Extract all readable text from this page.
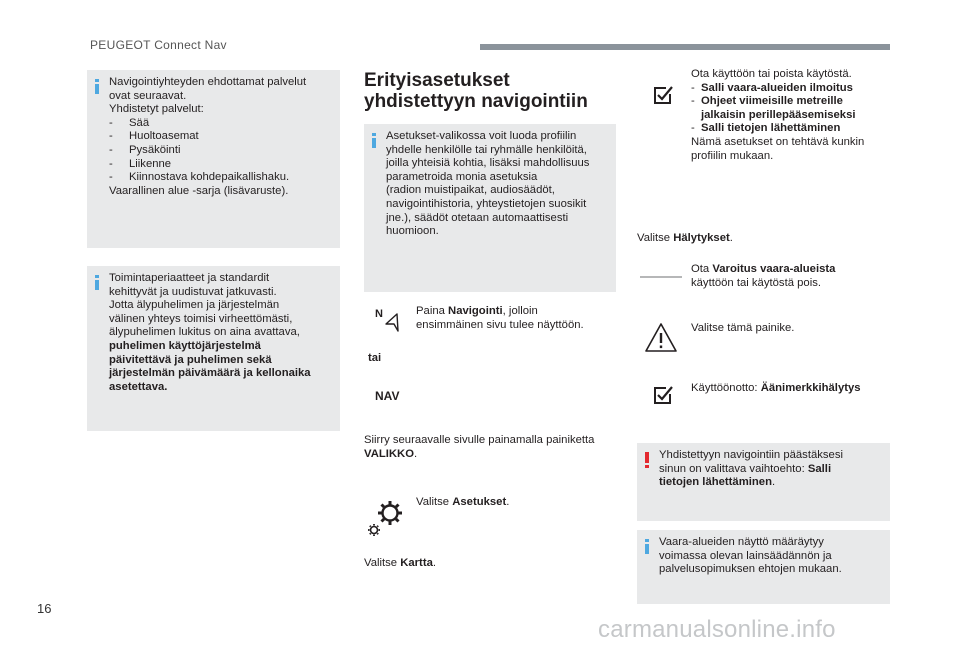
PEUGEOT Connect Nav
Navigointiyhteyden ehdottamat palvelut
ovat seuraavat.
Yhdistetyt palvelut:
-	Sää
-	Huoltoasemat
-	Pysäköinti
-	Liikenne
-	Kiinnostava kohdepaikallishaku.
Vaarallinen alue -sarja (lisävaruste).
Toimintaperiaatteet ja standardit
kehittyvät ja uudistuvat jatkuvasti.
Jotta älypuhelimen ja järjestelmän
välinen yhteys toimisi virheettömästi,
älypuhelimen lukitus on aina avattava,
puhelimen käyttöjärjestelmä
päivitettävä ja puhelimen sekä
järjestelmän päivämäärä ja kellonaika
asetettava.
Erityisasetukset
yhdistettyyn navigointiin
Asetukset-valikossa voit luoda profiilin
yhdelle henkilölle tai ryhmälle henkilöitä,
joilla yhteisiä kohtia, lisäksi mahdollisuus
parametroida monia asetuksia
(radion muistipaikat, audiosäädöt,
navigointihistoria, yhteystietojen suosikit
jne.), säädöt otetaan automaattisesti
huomioon.
N	Paina Navigointi, jolloin
ensimmäinen sivu tulee näyttöön.
tai
NAV
Siirry seuraavalle sivulle painamalla painiketta
VALIKKO.
Valitse Asetukset.
Valitse Kartta.
Ota käyttöön tai poista käytöstä.
- Salli vaara-alueiden ilmoitus
- Ohjeet viimeisille metreille
jalkaisin perillepääsemiseksi
- Salli tietojen lähettäminen
Nämä asetukset on tehtävä kunkin
profiilin mukaan.
Valitse Hälytykset.
Ota Varoitus vaara-alueista
käyttöön tai käytöstä pois.
Valitse tämä painike.
Käyttöönotto: Äänimerkkihälytys
Yhdistettyyn navigointiin päästäksesi
sinun on valittava vaihtoehto: Salli
tietojen lähettäminen.
Vaara-alueiden näyttö määräytyy
voimassa olevan lainsäädännön ja
palvelusopimuksen ehtojen mukaan.
16
carmanualsonline.info
